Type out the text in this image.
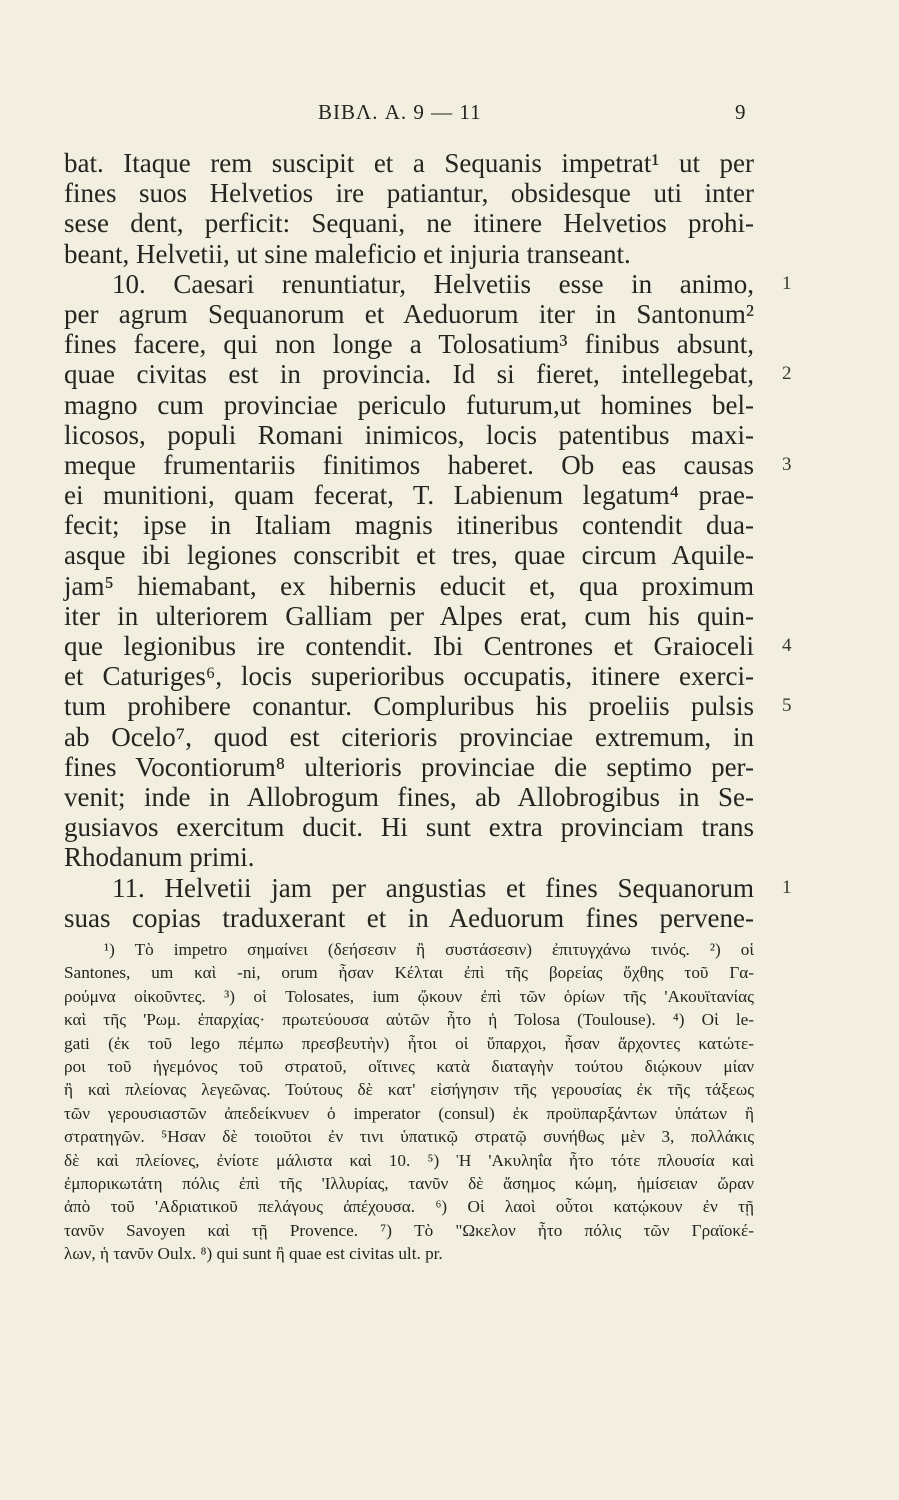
BIBΛ. A. 9 — 11	9
bat. Itaque rem suscipit et a Sequanis impetrat¹ ut per
fines suos Helvetios ire patiantur, obsidesque uti inter
sese dent, perficit: Sequani, ne itinere Helvetios prohi-
beant, Helvetii, ut sine maleficio et injuria transeant.
10. Caesari renuntiatur, Helvetiis esse in animo, 1
per agrum Sequanorum et Aeduorum iter in Santonum²
fines facere, qui non longe a Tolosatium³ finibus absunt,
quae civitas est in provincia. Id si fieret, intellegebat, 2
magno cum provinciae periculo futurum,ut homines bel-
licosos, populi Romani inimicos, locis patentibus maxi-
meque frumentariis finitimos haberet. Ob eas causas 3
ei munitioni, quam fecerat, T. Labienum legatum⁴ prae-
fecit; ipse in Italiam magnis itineribus contendit dua-
asque ibi legiones conscribit et tres, quae circum Aquile-
jam⁵ hiemabant, ex hibernis educit et, qua proximum
iter in ulteriorem Galliam per Alpes erat, cum his quin-
que legionibus ire contendit. Ibi Centrones et Graioceli 4
et Caturiges⁶, locis superioribus occupatis, itinere exerci-
tum prohibere conantur. Compluribus his proeliis pulsis 5
ab Ocelo⁷, quod est citerioris provinciae extremum, in
fines Vocontiorum⁸ ulterioris provinciae die septimo per-
venit; inde in Allobrogum fines, ab Allobrogibus in Se-
gusiavos exercitum ducit. Hi sunt extra provinciam trans
Rhodanum primi.
11. Helvetii jam per angustias et fines Sequanorum 1
suas copias traduxerant et in Aeduorum fines pervene-
¹) Τὸ impetro σημαίνει (δεήσεσιν ἢ συστάσεσιν) ἐπιτυγχάνω τινός. ²) οἱ
Santones, um καὶ -ni, orum ἦσαν Κέλται ἐπὶ τῆς βορείας ὄχθης τοῦ Γα-
ρούμνα οἰκοῦντες. ³) οἱ Tolosates, ium ᾤκουν ἐπὶ τῶν ὁρίων τῆς 'Ακουϊτανίας
καὶ τῆς 'Ρωμ. ἐπαρχίας· πρωτεύουσα αὐτῶν ἦτο ἡ Tolosa (Toulouse). ⁴) Οἱ le-
gati (ἐκ τοῦ lego πέμπω πρεσβευτὴν) ἦτοι οἱ ὕπαρχοι, ἦσαν ἄρχοντες κατώτε-
ροι τοῦ ἡγεμόνος τοῦ στρατοῦ, οἵτινες κατὰ διαταγὴν τούτου διῴκουν μίαν
ἢ καὶ πλείονας λεγεῶνας. Τούτους δὲ κατ' εἰσήγησιν τῆς γερουσίας ἐκ τῆς τάξεως
τῶν γερουσιαστῶν ἀπεδείκνυεν ὁ imperator (consul) ἐκ προϋπαρξάντων ὑπάτων ἢ
στρατηγῶν. ⁵Ησαν δὲ τοιοῦτοι ἐν τινι ὑπατικῷ στρατῷ συνήθως μὲν 3, πολλάκις
δὲ καὶ πλείονες, ἐνίοτε μάλιστα καὶ 10. ⁵) Ἡ 'Ακυληΐα ἦτο τότε πλουσία καὶ
ἐμπορικωτάτη πόλις ἐπὶ τῆς 'Ιλλυρίας, τανῦν δὲ ἄσημος κώμη, ἡμίσειαν ὥραν
ἀπὸ τοῦ 'Αδριατικοῦ πελάγους ἀπέχουσα. ⁶) Οἱ λαοὶ οὗτοι κατῴκουν ἐν τῇ
τανῦν Savoyen καὶ τῇ Provence. ⁷) Τὸ "Ωκελον ἦτο πόλις τῶν Γραϊοκέ-
λων, ἡ τανῦν Oulx. ⁸) qui sunt ἢ quae est civitas ult. pr.
